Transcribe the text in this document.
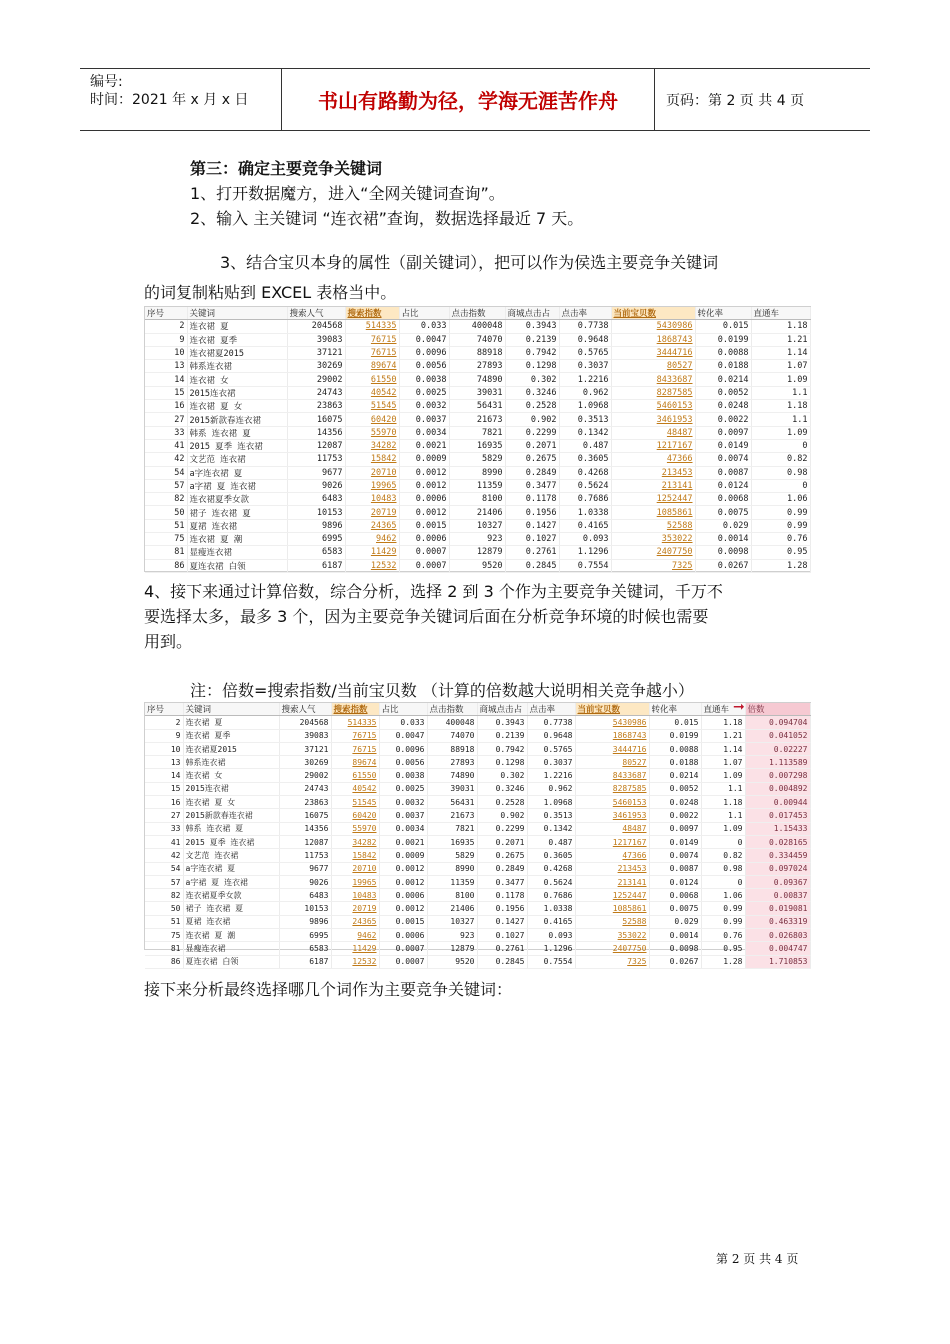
编号:
时间：2021 年 x 月 x 日	书山有路勤为径，学海无涯苦作舟	页码：第 2 页 共 4 页
第三：确定主要竞争关键词
1、打开数据魔方，进入“全网关键词查询”。
2、输入 主关键词 “连衣裙”查询，数据选择最近 7 天。
3、结合宝贝本身的属性（副关键词），把可以作为侯选主要竞争关键词
的词复制粘贴到 EXCEL 表格当中。
序号	关键词	搜索人气	搜索指数	占比	点击指数	商城点击占	点击率	当前宝贝数	转化率	直通车
2	连衣裙 夏	204568	514335	0.033	400048	0.3943	0.7738	5430986	0.015	1.18
9	连衣裙 夏季	39083	76715	0.0047	74070	0.2139	0.9648	1868743	0.0199	1.21
10	连衣裙夏2015	37121	76715	0.0096	88918	0.7942	0.5765	3444716	0.0088	1.14
13	韩系连衣裙	30269	89674	0.0056	27893	0.1298	0.3037	80527	0.0188	1.07
14	连衣裙 女	29002	61550	0.0038	74890	0.302	1.2216	8433687	0.0214	1.09
15	2015连衣裙	24743	40542	0.0025	39031	0.3246	0.962	8287585	0.0052	1.1
16	连衣裙 夏 女	23863	51545	0.0032	56431	0.2528	1.0968	5460153	0.0248	1.18
27	2015新款春连衣裙	16075	60420	0.0037	21673	0.902	0.3513	3461953	0.0022	1.1
33	韩系 连衣裙 夏	14356	55970	0.0034	7821	0.2299	0.1342	48487	0.0097	1.09
41	2015 夏季 连衣裙	12087	34282	0.0021	16935	0.2071	0.487	1217167	0.0149	0
42	文艺范 连衣裙	11753	15842	0.0009	5829	0.2675	0.3605	47366	0.0074	0.82
54	a字连衣裙 夏	9677	20710	0.0012	8990	0.2849	0.4268	213453	0.0087	0.98
57	a字裙 夏 连衣裙	9026	19965	0.0012	11359	0.3477	0.5624	213141	0.0124	0
82	连衣裙夏季女款	6483	10483	0.0006	8100	0.1178	0.7686	1252447	0.0068	1.06
50	裙子 连衣裙 夏	10153	20719	0.0012	21406	0.1956	1.0338	1085861	0.0075	0.99
51	夏裙 连衣裙	9896	24365	0.0015	10327	0.1427	0.4165	52588	0.029	0.99
75	连衣裙 夏 潮	6995	9462	0.0006	923	0.1027	0.093	353022	0.0014	0.76
81	显瘦连衣裙	6583	11429	0.0007	12879	0.2761	1.1296	2407750	0.0098	0.95
86	夏连衣裙 白领	6187	12532	0.0007	9520	0.2845	0.7554	7325	0.0267	1.28
4、接下来通过计算倍数，综合分析，选择 2 到 3 个作为主要竞争关键词，千万不
要选择太多，最多 3 个，因为主要竞争关键词后面在分析竞争环境的时候也需要
用到。
注：倍数=搜索指数/当前宝贝数 （计算的倍数越大说明相关竞争越小）
序号	关键词	搜索人气	搜索指数	占比	点击指数	商城点击占	点击率	当前宝贝数	转化率	直通车	倍数
2	连衣裙 夏	204568	514335	0.033	400048	0.3943	0.7738	5430986	0.015	1.18	0.094704
9	连衣裙 夏季	39083	76715	0.0047	74070	0.2139	0.9648	1868743	0.0199	1.21	0.041052
10	连衣裙夏2015	37121	76715	0.0096	88918	0.7942	0.5765	3444716	0.0088	1.14	0.02227
13	韩系连衣裙	30269	89674	0.0056	27893	0.1298	0.3037	80527	0.0188	1.07	1.113589
14	连衣裙 女	29002	61550	0.0038	74890	0.302	1.2216	8433687	0.0214	1.09	0.007298
15	2015连衣裙	24743	40542	0.0025	39031	0.3246	0.962	8287585	0.0052	1.1	0.004892
16	连衣裙 夏 女	23863	51545	0.0032	56431	0.2528	1.0968	5460153	0.0248	1.18	0.00944
27	2015新款春连衣裙	16075	60420	0.0037	21673	0.902	0.3513	3461953	0.0022	1.1	0.017453
33	韩系 连衣裙 夏	14356	55970	0.0034	7821	0.2299	0.1342	48487	0.0097	1.09	1.15433
41	2015 夏季 连衣裙	12087	34282	0.0021	16935	0.2071	0.487	1217167	0.0149	0	0.028165
42	文艺范 连衣裙	11753	15842	0.0009	5829	0.2675	0.3605	47366	0.0074	0.82	0.334459
54	a字连衣裙 夏	9677	20710	0.0012	8990	0.2849	0.4268	213453	0.0087	0.98	0.097024
57	a字裙 夏 连衣裙	9026	19965	0.0012	11359	0.3477	0.5624	213141	0.0124	0	0.09367
82	连衣裙夏季女款	6483	10483	0.0006	8100	0.1178	0.7686	1252447	0.0068	1.06	0.00837
50	裙子 连衣裙 夏	10153	20719	0.0012	21406	0.1956	1.0338	1085861	0.0075	0.99	0.019081
51	夏裙 连衣裙	9896	24365	0.0015	10327	0.1427	0.4165	52588	0.029	0.99	0.463319
75	连衣裙 夏 潮	6995	9462	0.0006	923	0.1027	0.093	353022	0.0014	0.76	0.026803
81	显瘦连衣裙	6583	11429	0.0007	12879	0.2761	1.1296	2407750	0.0098	0.95	0.004747
86	夏连衣裙 白领	6187	12532	0.0007	9520	0.2845	0.7554	7325	0.0267	1.28	1.710853
➞
接下来分析最终选择哪几个词作为主要竞争关键词：
第 2 页 共 4 页
